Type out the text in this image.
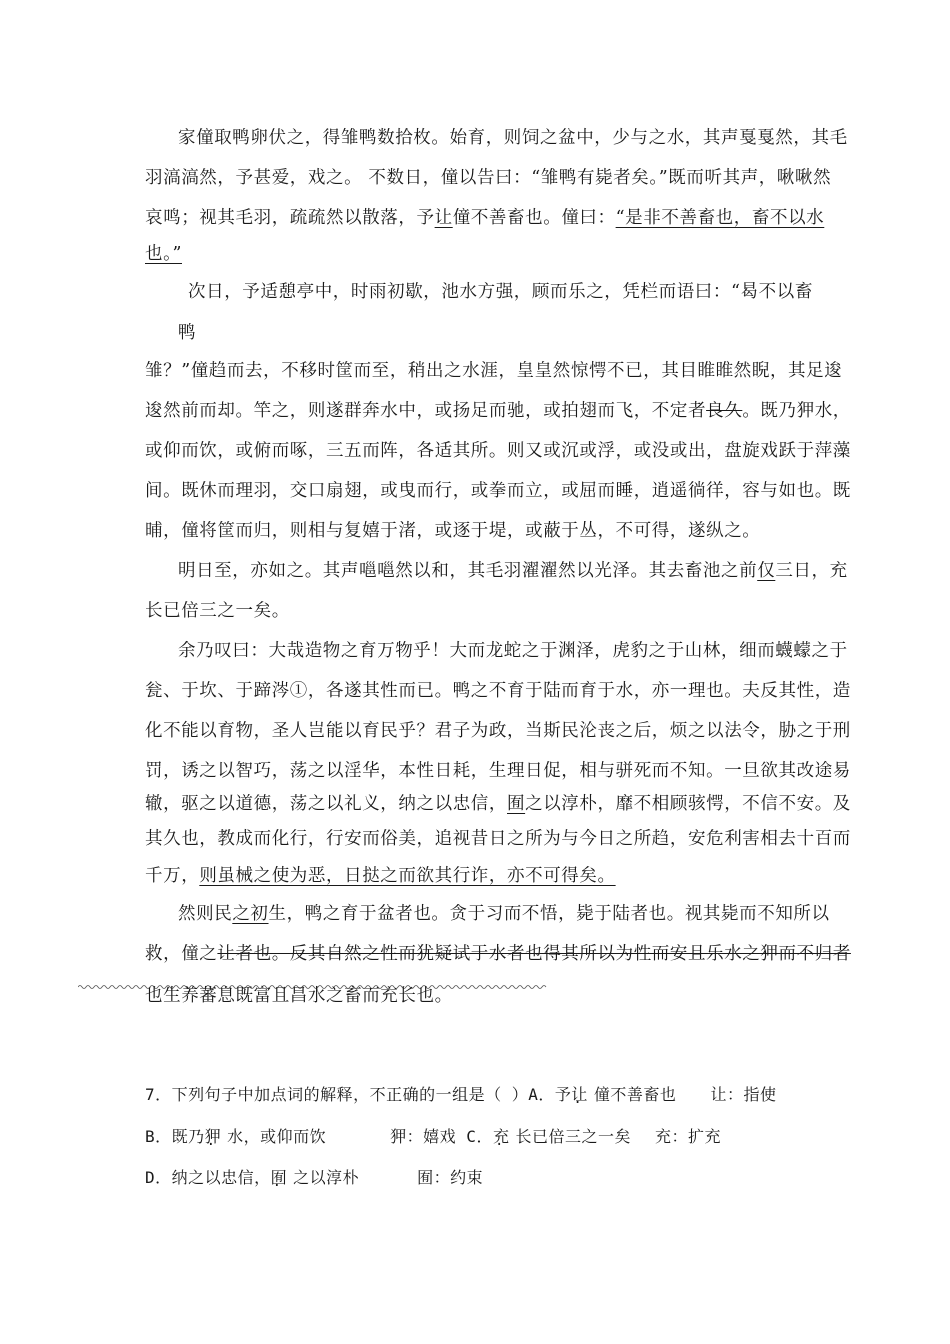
家僮取鸭卵伏之，得雏鸭数拾枚。始育，则饲之盆中，少与之水，其声戛戛然，其毛
羽滈滈然，予甚爱，戏之。 不数日，僮以告曰：“雏鸭有毙者矣。”既而听其声，啾啾然
哀鸣；视其毛羽，疏疏然以散落，予让僮不善畜也。僮曰：“是非不善畜也，畜不以水
也。”
次日，予适憩亭中，时雨初歇，池水方强，顾而乐之，凭栏而语曰：“曷不以畜
鸭
雏？”僮趋而去，不移时筐而至，稍出之水涯，皇皇然惊愕不已，其目睢睢然睨，其足逡
逡然前而却。竿之，则遂群奔水中，或扬足而驰，或拍翅而飞，不定者良久。既乃狎水，
或仰而饮，或俯而啄，三五而阵，各适其所。则又或沉或浮，或没或出，盘旋戏跃于萍藻
间。既休而理羽，交口扇翅，或曳而行，或拳而立，或屈而睡，逍遥徜徉，容与如也。既
晡，僮将筐而归，则相与复嬉于渚，或逐于堤，或蔽于丛，不可得，遂纵之。
明日至，亦如之。其声嗈嗈然以和，其毛羽濯濯然以光泽。其去畜池之前仅三日，充
长已倍三之一矣。
余乃叹曰：大哉造物之育万物乎！大而龙蛇之于渊泽，虎豹之于山林，细而蠛蠓之于
瓮、于坎、于蹄涔①，各遂其性而已。鸭之不育于陆而育于水，亦一理也。夫反其性，造
化不能以育物，圣人岂能以育民乎？君子为政，当斯民沦丧之后，烦之以法令，胁之于刑
罚，诱之以智巧，荡之以淫华，本性日耗，生理日促，相与骈死而不知。一旦欲其改途易
辙，驱之以道德，荡之以礼义，纳之以忠信，囿之以淳朴，靡不相顾骇愕，不信不安。及
其久也，教成而化行，行安而俗美，追视昔日之所为与今日之所趋，安危利害相去十百而
千万，则虽械之使为恶，日挞之而欲其行诈，亦不可得矣。
然则民之初生，鸭之育于盆者也。贪于习而不悟，毙于陆者也。视其毙而不知所以
救，僮之让者也。反其自然之性而犹疑试于水者也得其所以为性而安且乐水之狎而不归者
也生养蕃息既富且昌水之畜而充长也。
7．下列句子中加点词的解释，不正确的一组是（ ）A．予让 僮不善畜也 让：指使
B．既乃狎 水，或仰而饮	狎：嬉戏 C．充 长已倍三之一矣 充：扩充
D．纳之以忠信，囿 之以淳朴	囿：约束
